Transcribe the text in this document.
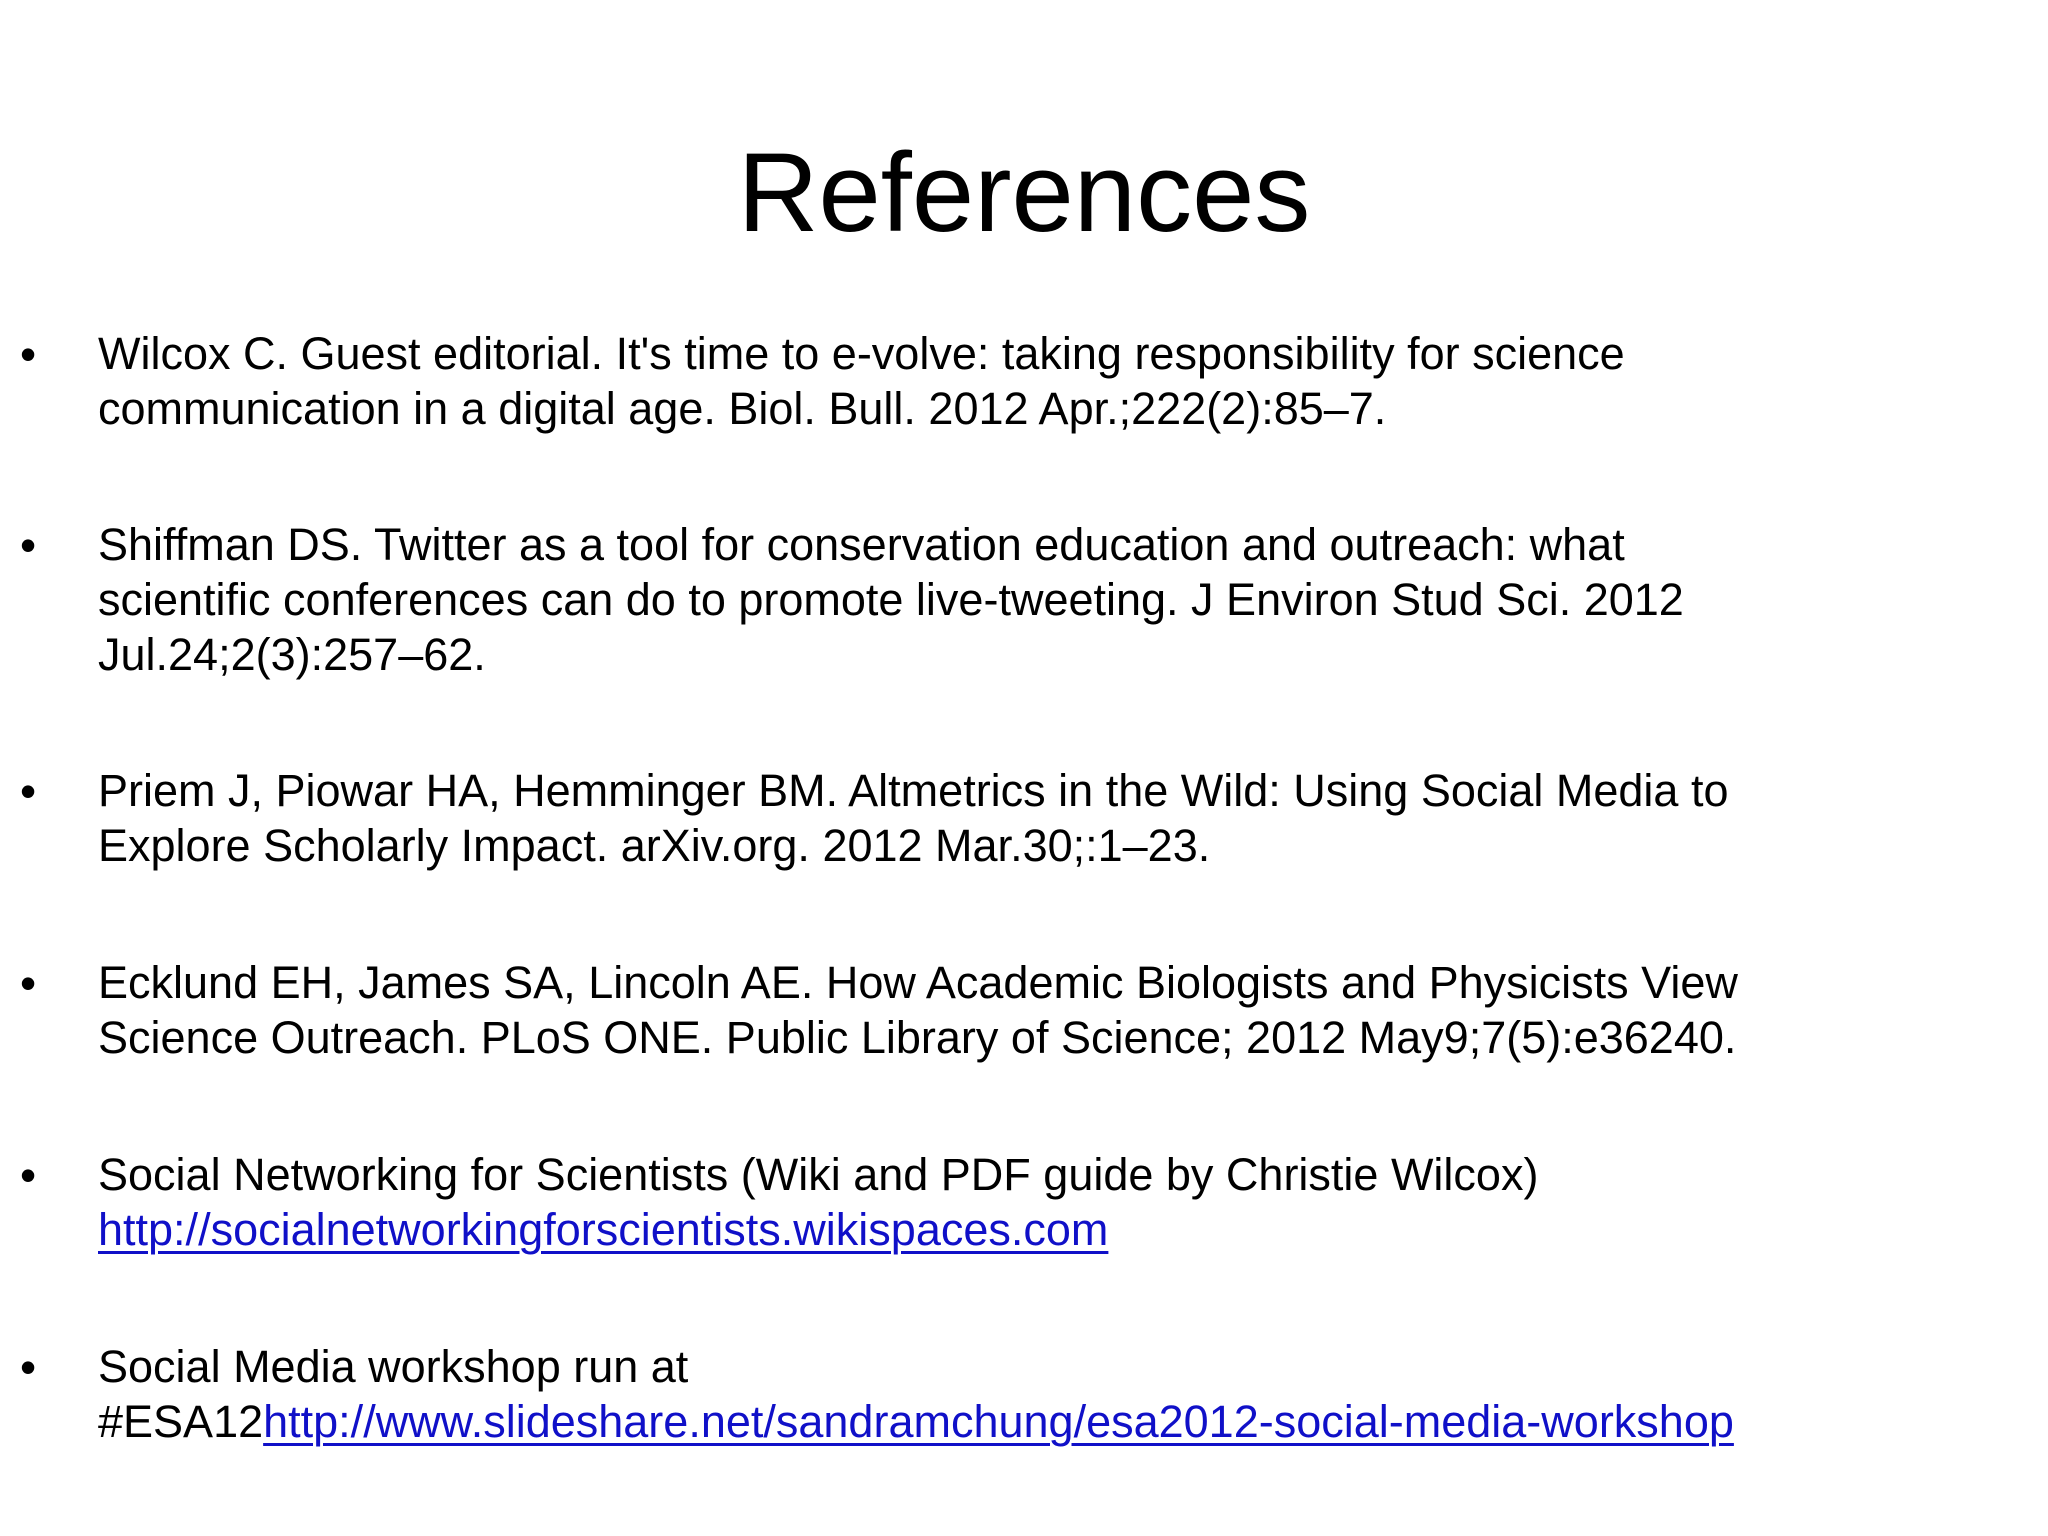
References
• Wilcox C. Guest editorial. It's time to e-volve: taking responsibility for science
communication in a digital age. Biol. Bull. 2012 Apr.;222(2):85–7.
• Shiffman DS. Twitter as a tool for conservation education and outreach: what
scientific conferences can do to promote live-tweeting. J Environ Stud Sci. 2012
Jul.24;2(3):257–62.
• Priem J, Piowar HA, Hemminger BM. Altmetrics in the Wild: Using Social Media to
Explore Scholarly Impact. arXiv.org. 2012 Mar.30;:1–23.
• Ecklund EH, James SA, Lincoln AE. How Academic Biologists and Physicists View
Science Outreach. PLoS ONE. Public Library of Science; 2012 May9;7(5):e36240.
• Social Networking for Scientists (Wiki and PDF guide by Christie Wilcox)
http://socialnetworkingforscientists.wikispaces.com
• Social Media workshop run at
#ESA12http://www.slideshare.net/sandramchung/esa2012-social-media-workshop
